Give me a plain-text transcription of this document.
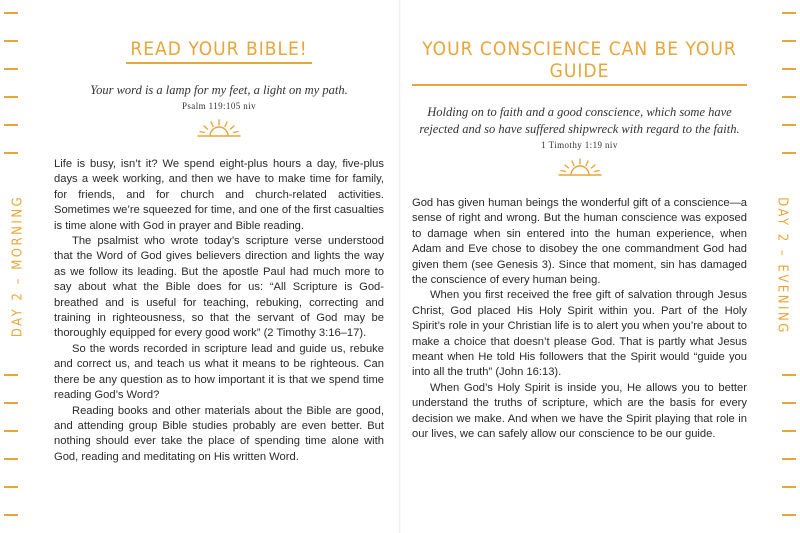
DAY 2 – MORNING	DAY 2 – EVENING
READ YOUR BIBLE!
Your word is a lamp for my feet, a light on my path.
Psalm 119:105 niv

Life is busy, isn’t it? We spend eight-plus hours a day, five-plus days a week working, and then we have to make time for family, for friends, and for church and church-related activities. Sometimes we’re squeezed for time, and one of the first casualties is time alone with God in prayer and Bible reading.

The psalmist who wrote today’s scripture verse understood that the Word of God gives believers direction and lights the way as we follow its leading. But the apostle Paul had much more to say about what the Bible does for us: “All Scripture is God-breathed and is useful for teaching, rebuking, correcting and training in righteousness, so that the servant of God may be thoroughly equipped for every good work” (2 Timothy 3:16–17).

So the words recorded in scripture lead and guide us, rebuke and correct us, and teach us what it means to be righteous. Can there be any question as to how important it is that we spend time reading God’s Word?

Reading books and other materials about the Bible are good, and attending group Bible studies probably are even better. But nothing should ever take the place of spending time alone with God, reading and meditating on His written Word.

YOUR CONSCIENCE CAN BE YOUR GUIDE
Holding on to faith and a good conscience, which some have rejected and so have suffered shipwreck with regard to the faith.
1 Timothy 1:19 niv

God has given human beings the wonderful gift of a conscience—a sense of right and wrong. But the human conscience was exposed to damage when sin entered into the human experience, when Adam and Eve chose to disobey the one commandment God had given them (see Genesis 3). Since that moment, sin has damaged the conscience of every human being.

When you first received the free gift of salvation through Jesus Christ, God placed His Holy Spirit within you. Part of the Holy Spirit’s role in your Christian life is to alert you when you’re about to make a choice that doesn’t please God. That is partly what Jesus meant when He told His followers that the Spirit would “guide you into all the truth” (John 16:13).

When God’s Holy Spirit is inside you, He allows you to better understand the truths of scripture, which are the basis for every decision we make. And when we have the Spirit playing that role in our lives, we can safely allow our conscience to be our guide.
